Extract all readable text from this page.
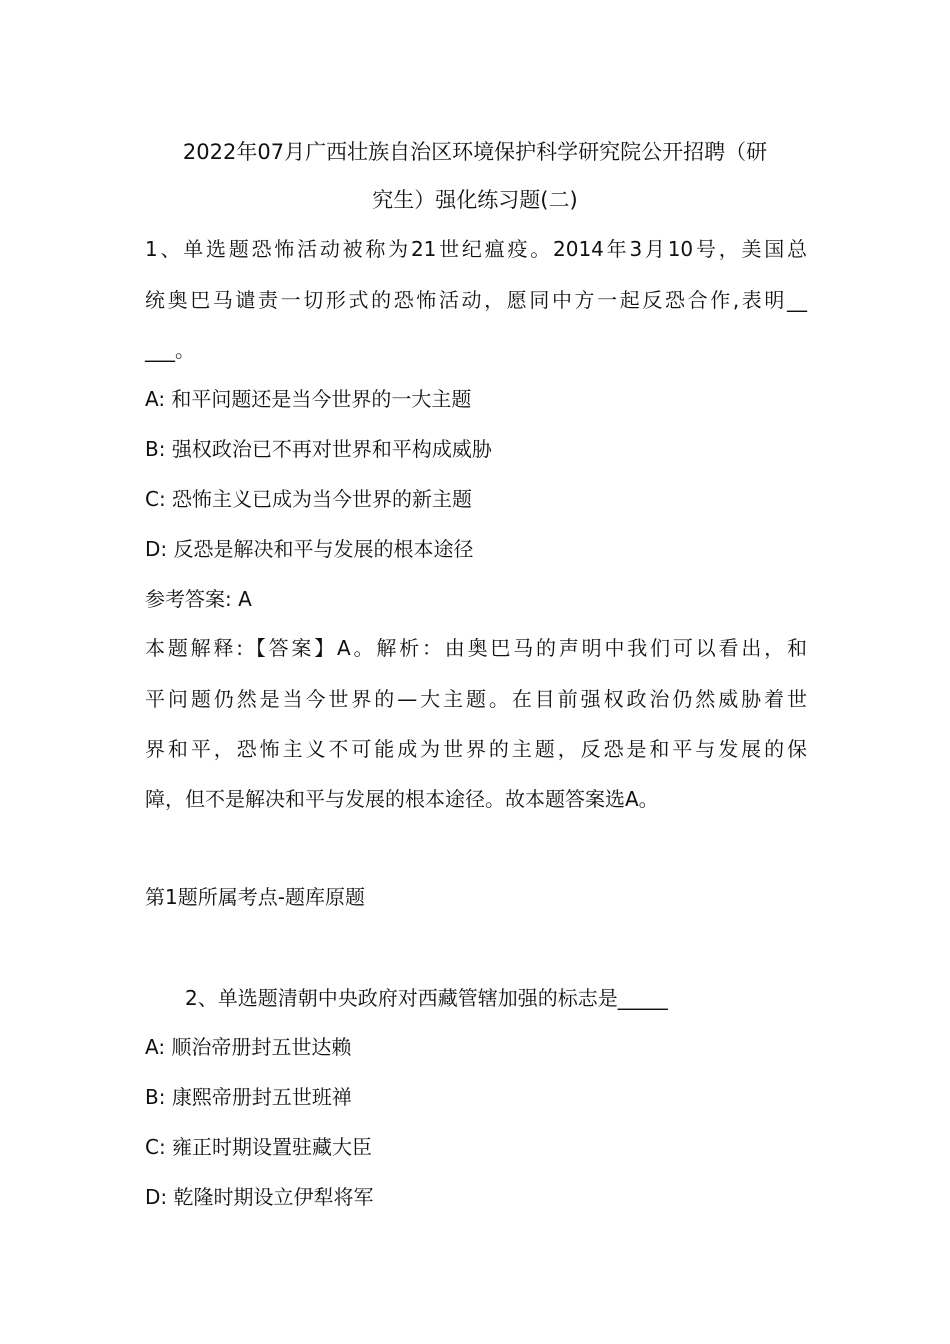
2022年07月广西壮族自治区环境保护科学研究院公开招聘（研
究生）强化练习题(二)
1、单选题恐怖活动被称为21世纪瘟疫。2014年3月10号，美国总
统奥巴马谴责一切形式的恐怖活动，愿同中方一起反恐合作,表明__
___。
A: 和平问题还是当今世界的一大主题
B: 强权政治已不再对世界和平构成威胁
C: 恐怖主义已成为当今世界的新主题
D: 反恐是解决和平与发展的根本途径
参考答案: A
本题解释:【答案】A。解析：由奥巴马的声明中我们可以看出，和
平问题仍然是当今世界的—大主题。在目前强权政治仍然威胁着世
界和平，恐怖主义不可能成为世界的主题，反恐是和平与发展的保
障，但不是解决和平与发展的根本途径。故本题答案选A。
第1题所属考点-题库原题
2、单选题清朝中央政府对西藏管辖加强的标志是_____
A: 顺治帝册封五世达赖
B: 康熙帝册封五世班禅
C: 雍正时期设置驻藏大臣
D: 乾隆时期设立伊犁将军
